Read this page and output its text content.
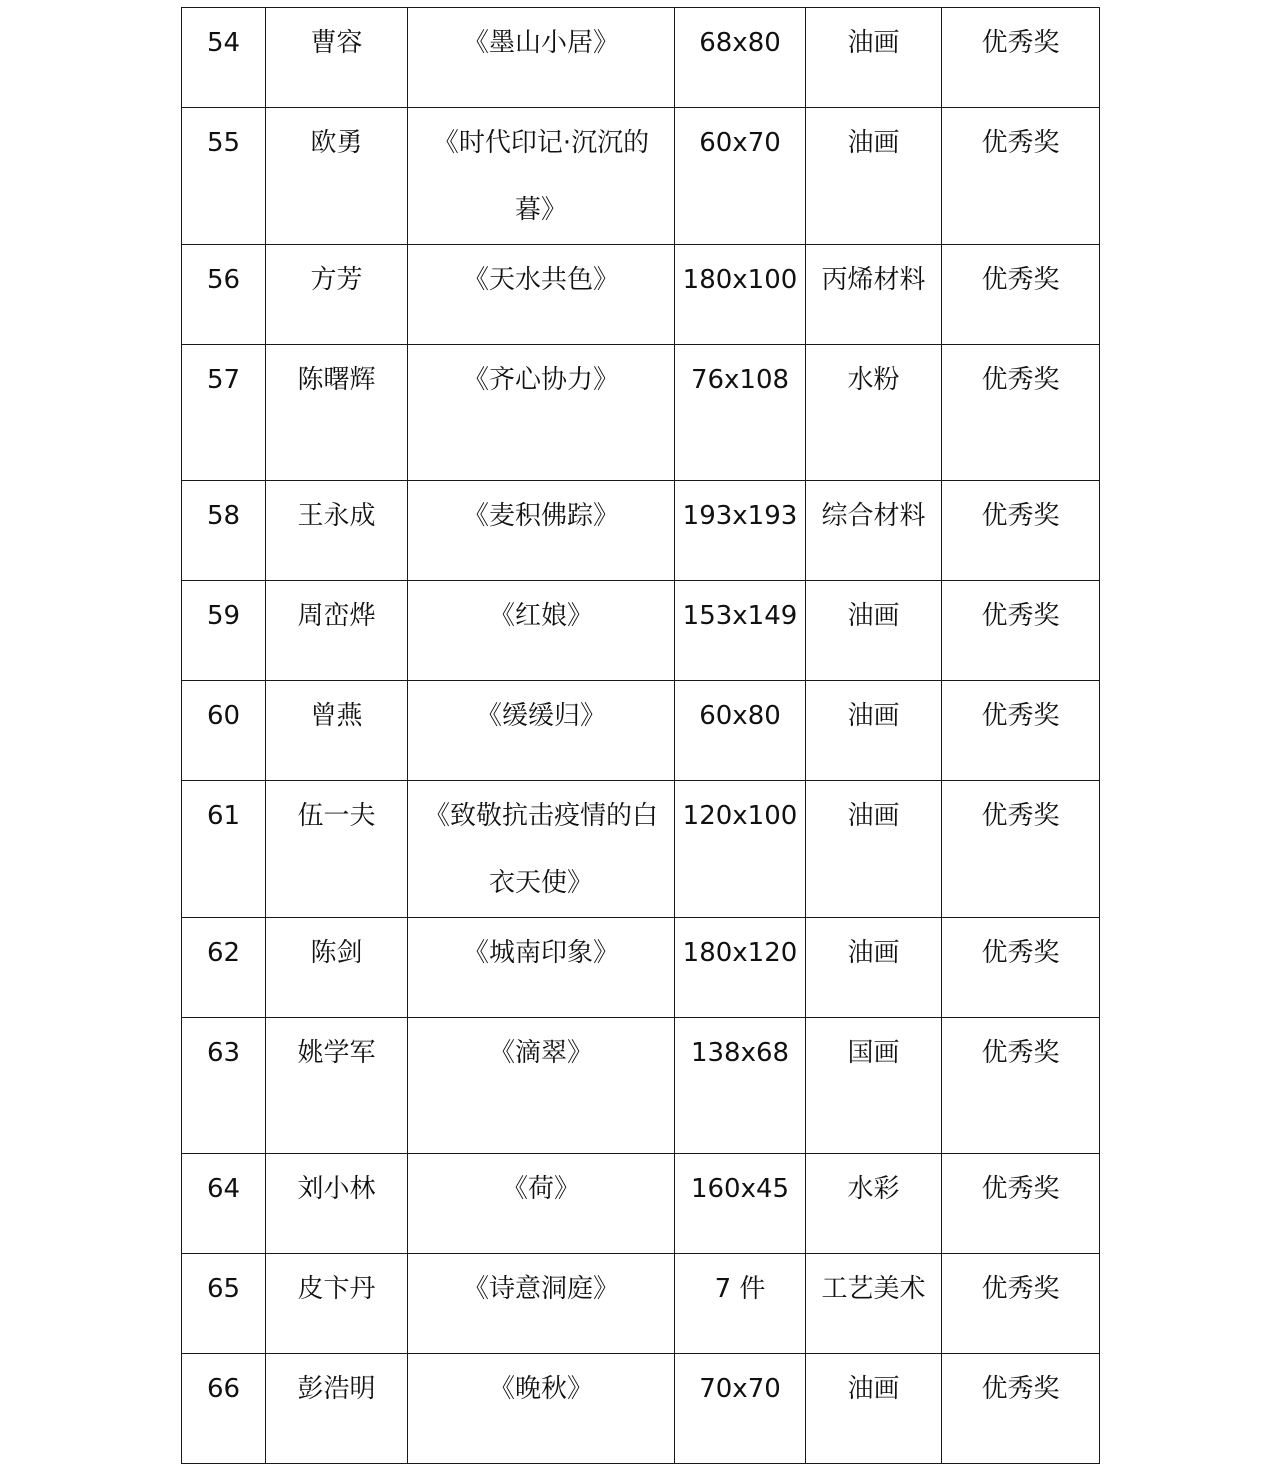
54	曹容	《墨山小居》	68x80	油画	优秀奖
55	欧勇	《时代印记·沉沉的暮》	60x70	油画	优秀奖
56	方芳	《天水共色》	180x100	丙烯材料	优秀奖
57	陈曙辉	《齐心协力》	76x108	水粉	优秀奖
58	王永成	《麦积佛踪》	193x193	综合材料	优秀奖
59	周峦烨	《红娘》	153x149	油画	优秀奖
60	曾燕	《缓缓归》	60x80	油画	优秀奖
61	伍一夫	《致敬抗击疫情的白衣天使》	120x100	油画	优秀奖
62	陈剑	《城南印象》	180x120	油画	优秀奖
63	姚学军	《滴翠》	138x68	国画	优秀奖
64	刘小林	《荷》	160x45	水彩	优秀奖
65	皮卞丹	《诗意洞庭》	7 件	工艺美术	优秀奖
66	彭浩明	《晚秋》	70x70	油画	优秀奖
